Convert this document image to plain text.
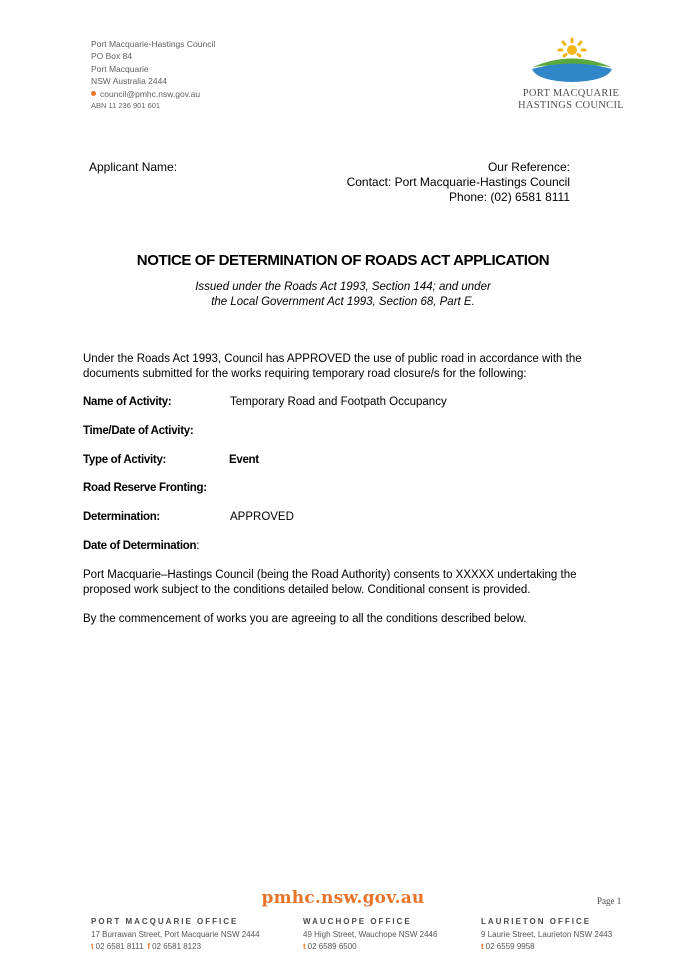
Port Macquarie-Hastings Council
PO Box 84
Port Macquarie
NSW Australia 2444
council@pmhc.nsw.gov.au
ABN 11 236 901 601
PORT MACQUARIE
HASTINGS COUNCIL
Applicant Name:	Our Reference:
Contact: Port Macquarie-Hastings Council
Phone: (02) 6581 8111
NOTICE OF DETERMINATION OF ROADS ACT APPLICATION
Issued under the Roads Act 1993, Section 144; and under
the Local Government Act 1993, Section 68, Part E.
Under the Roads Act 1993, Council has APPROVED the use of public road in accordance with the documents submitted for the works requiring temporary road closure/s for the following:
Name of Activity:	Temporary Road and Footpath Occupancy
Time/Date of Activity:
Type of Activity:	Event
Road Reserve Fronting:
Determination:	APPROVED
Date of Determination:
Port Macquarie–Hastings Council (being the Road Authority) consents to XXXXX undertaking the proposed work subject to the conditions detailed below. Conditional consent is provided.
By the commencement of works you are agreeing to all the conditions described below.
pmhc.nsw.gov.au	Page 1
PORT MACQUARIE OFFICE
17 Burrawan Street, Port Macquarie NSW 2444
t 02 6581 8111 f 02 6581 8123
WAUCHOPE OFFICE
49 High Street, Wauchope NSW 2446
t 02 6589 6500
LAURIETON OFFICE
9 Laurie Street, Laurieton NSW 2443
t 02 6559 9958
